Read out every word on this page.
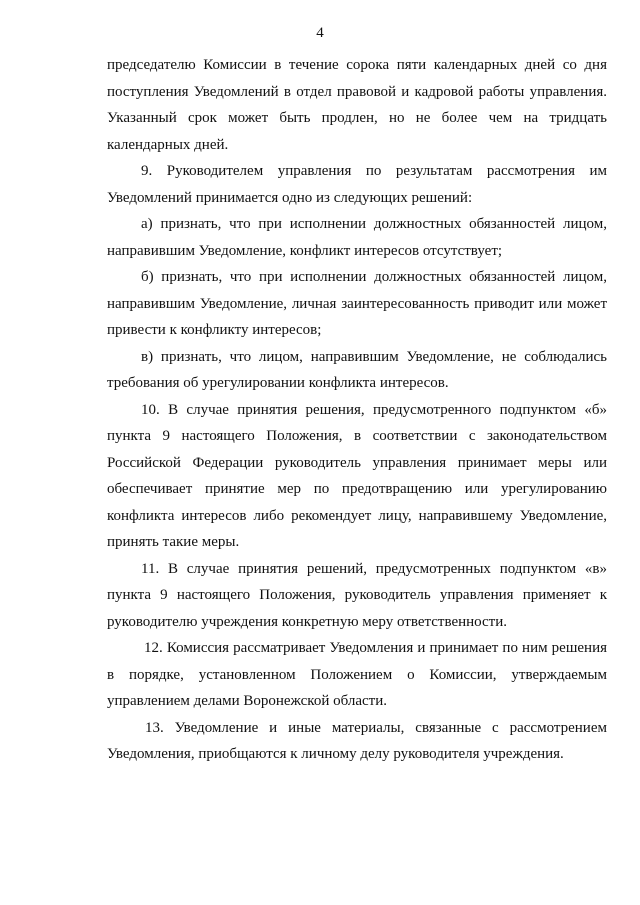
4

председателю Комиссии в течение сорока пяти календарных дней со дня поступления Уведомлений в отдел правовой и кадровой работы управления. Указанный срок может быть продлен, но не более чем на тридцать календарных дней.

9. Руководителем управления по результатам рассмотрения им Уведомлений принимается одно из следующих решений:

а) признать, что при исполнении должностных обязанностей лицом, направившим Уведомление, конфликт интересов отсутствует;

б) признать, что при исполнении должностных обязанностей лицом, направившим Уведомление, личная заинтересованность приводит или может привести к конфликту интересов;

в) признать, что лицом, направившим Уведомление, не соблюдались требования об урегулировании конфликта интересов.

10. В случае принятия решения, предусмотренного подпунктом «б» пункта 9 настоящего Положения, в соответствии с законодательством Российской Федерации руководитель управления принимает меры или обеспечивает принятие мер по предотвращению или урегулированию конфликта интересов либо рекомендует лицу, направившему Уведомление, принять такие меры.

11. В случае принятия решений, предусмотренных подпунктом «в» пункта 9 настоящего Положения, руководитель управления применяет к руководителю учреждения конкретную меру ответственности.

12. Комиссия рассматривает Уведомления и принимает по ним решения в порядке, установленном Положением о Комиссии, утверждаемым управлением делами Воронежской области.

13. Уведомление и иные материалы, связанные с рассмотрением Уведомления, приобщаются к личному делу руководителя учреждения.
